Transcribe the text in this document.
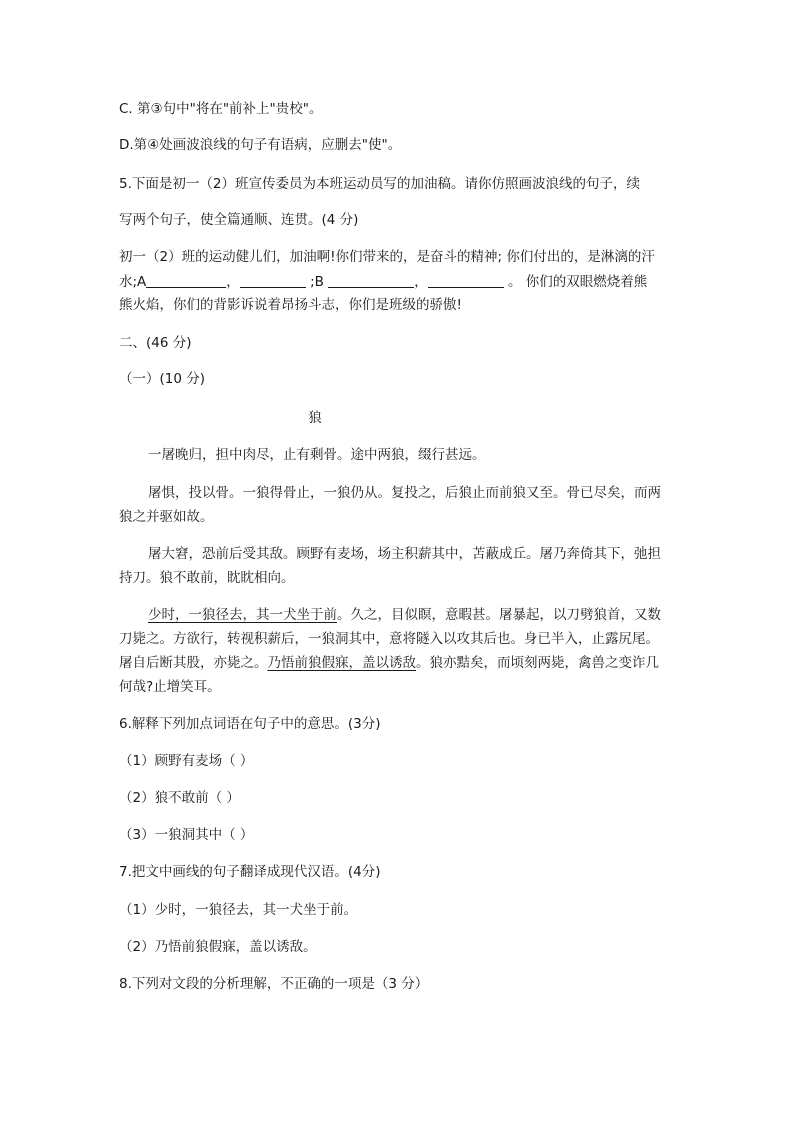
C. 第③句中"将在"前补上"贵校"。
D.第④处画波浪线的句子有语病，应删去"使"。
5.下面是初一（2）班宣传委员为本班运动员写的加油稿。请你仿照画波浪线的句子，续
写两个句子，使全篇通顺、连贯。(4 分)
初一（2）班的运动健儿们，加油啊!你们带来的，是奋斗的精神; 你们付出的，是淋漓的汗
水;A	，	;B	，	。 你们的双眼燃烧着熊
熊火焰，你们的背影诉说着昂扬斗志，你们是班级的骄傲!
二、(46 分)
（一）(10 分)
狼
一屠晚归，担中肉尽，止有剩骨。途中两狼，缀行甚远。
屠惧，投以骨。一狼得骨止，一狼仍从。复投之，后狼止而前狼又至。骨已尽矣，而两
狼之并驱如故。
屠大窘，恐前后受其敌。顾野有麦场，场主积薪其中，苫蔽成丘。屠乃奔倚其下，弛担
持刀。狼不敢前，眈眈相向。
少时，一狼径去，其一犬坐于前。久之，目似瞑，意暇甚。屠暴起，以刀劈狼首，又数
刀毙之。方欲行，转视积薪后，一狼洞其中，意将隧入以攻其后也。身已半入，止露尻尾。
屠自后断其股，亦毙之。乃悟前狼假寐，盖以诱敌。狼亦黠矣，而顷刻两毙，禽兽之变诈几
何哉?止增笑耳。
6.解释下列加点词语在句子中的意思。(3分)
（1）顾野有麦场（ ）
（2）狼不敢前（ ）
（3）一狼洞其中（ ）
7.把文中画线的句子翻译成现代汉语。(4分)
（1）少时，一狼径去，其一犬坐于前。
（2）乃悟前狼假寐，盖以诱敌。
8.下列对文段的分析理解，不正确的一项是（3 分）
